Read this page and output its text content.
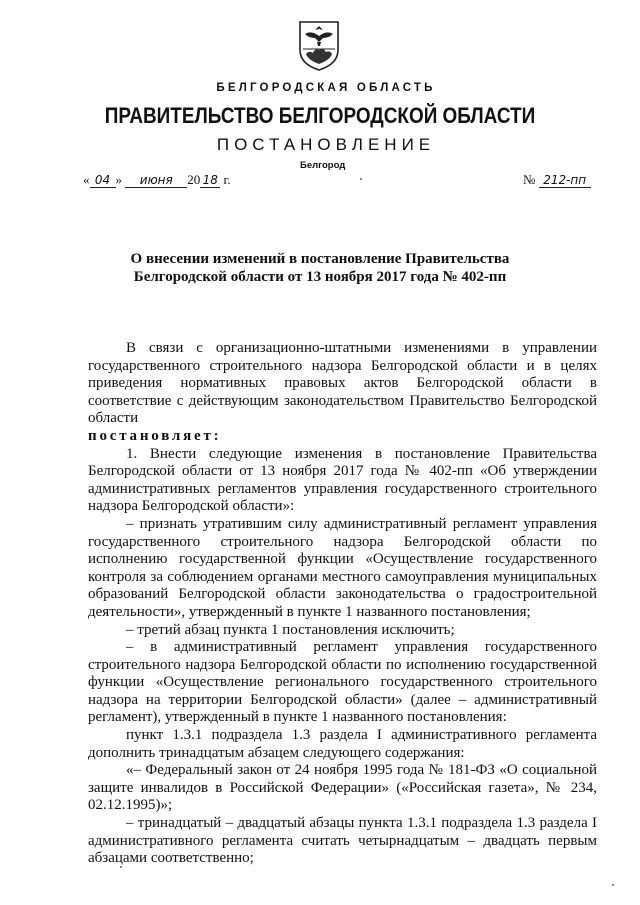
БЕЛГОРОДСКАЯ ОБЛАСТЬ
ПРАВИТЕЛЬСТВО БЕЛГОРОДСКОЙ ОБЛАСТИ
ПОСТАНОВЛЕНИЕ
Белгород
« 04 » июня 20 18 г.	№ 212-пп
О внесении изменений в постановление Правительства
Белгородской области от 13 ноября 2017 года № 402-пп

В связи с организационно-штатными изменениями в управлении государственного строительного надзора Белгородской области и в целях приведения нормативных правовых актов Белгородской области в соответствие с действующим законодательством Правительство Белгородской области

постановляет:

1. Внести следующие изменения в постановление Правительства Белгородской области от 13 ноября 2017 года № 402-пп «Об утверждении административных регламентов управления государственного строительного надзора Белгородской области»:

– признать утратившим силу административный регламент управления государственного строительного надзора Белгородской области по исполнению государственной функции «Осуществление государственного контроля за соблюдением органами местного самоуправления муниципальных образований Белгородской области законодательства о градостроительной деятельности», утвержденный в пункте 1 названного постановления;

– третий абзац пункта 1 постановления исключить;

– в административный регламент управления государственного строительного надзора Белгородской области по исполнению государственной функции «Осуществление регионального государственного строительного надзора на территории Белгородской области» (далее – административный регламент), утвержденный в пункте 1 названного постановления:

пункт 1.3.1 подраздела 1.3 раздела I административного регламента дополнить тринадцатым абзацем следующего содержания:

«– Федеральный закон от 24 ноября 1995 года № 181-ФЗ «О социальной защите инвалидов в Российской Федерации» («Российская газета», № 234, 02.12.1995)»;

– тринадцатый – двадцатый абзацы пункта 1.3.1 подраздела 1.3 раздела I административного регламента считать четырнадцатым – двадцать первым абзацами соответственно;
